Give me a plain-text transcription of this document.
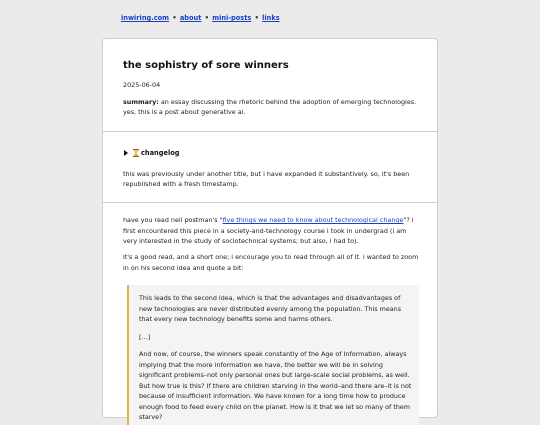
inwiring.com • about • mini-posts • links
the sophistry of sore winners
2025-06-04
summary: an essay discussing the rhetoric behind the adoption of emerging technologies. yes, this is a post about generative ai.
changelog
this was previously under another title, but i have expanded it substantively. so, it's been republished with a fresh timestamp.
have you read neil postman's "five things we need to know about technological change"? i first encountered this piece in a society-and-technology course i took in undergrad (i am very interested in the study of sociotechnical systems; but also, i had to).
it's a good read, and a short one; i encourage you to read through all of it. i wanted to zoom in on his second idea and quote a bit:
This leads to the second idea, which is that the advantages and disadvantages of new technologies are never distributed evenly among the population. This means that every new technology benefits some and harms others.
[...]
And now, of course, the winners speak constantly of the Age of Information, always implying that the more information we have, the better we will be in solving significant problems–not only personal ones but large-scale social problems, as well. But how true is this? If there are children starving in the world–and there are–it is not because of insufficient information. We have known for a long time how to produce enough food to feed every child on the planet. How is it that we let so many of them starve?
